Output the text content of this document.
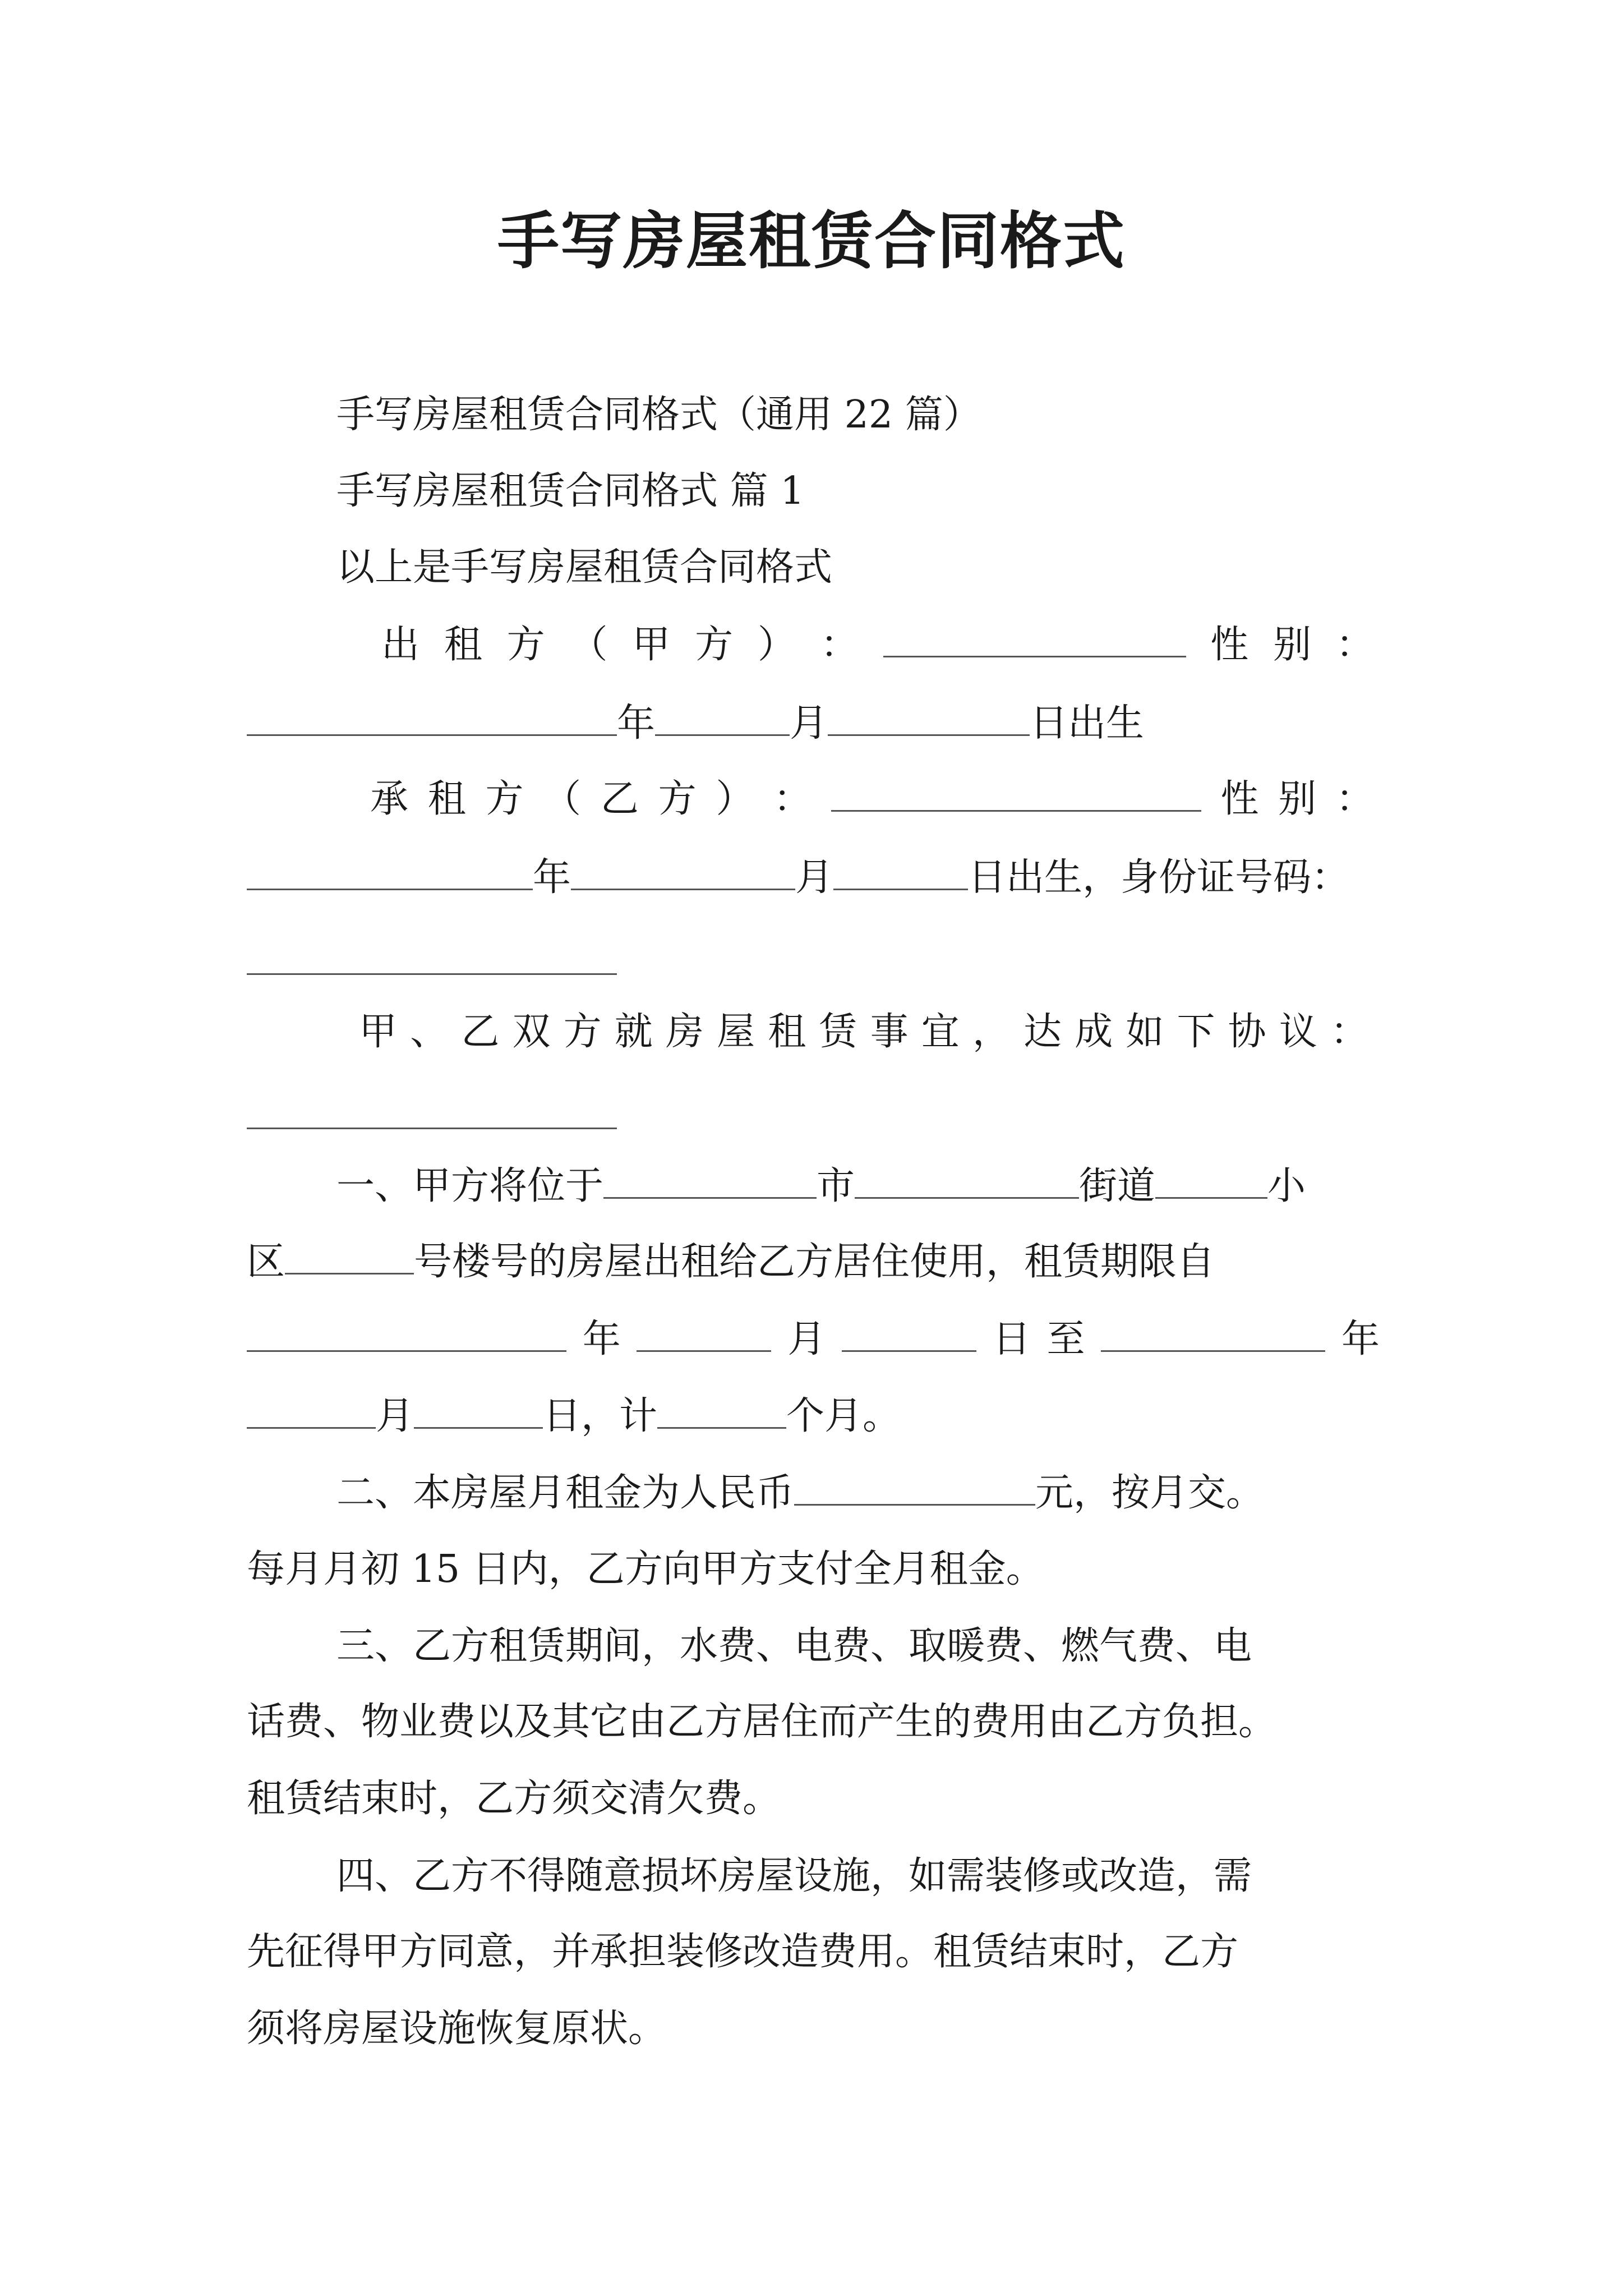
手写房屋租赁合同格式
手写房屋租赁合同格式（通用 22 篇）
手写房屋租赁合同格式 篇 1
以上是手写房屋租赁合同格式
出 租 方 （ 甲 方 ） ：	性 别 ：
年	月	日出生
承 租 方 （ 乙 方 ） ：	性 别 ：
年	月	日出生，身份证号码：
甲 、 乙 双 方 就 房 屋 租 赁 事 宜 ， 达 成 如 下 协 议 ：
一、甲方将位于	市	街道	小
区	号楼号的房屋出租给乙方居住使用，租赁期限自
年	月	日 至	年
月	日，计	个月。
二、本房屋月租金为人民币	元，按月交。
每月月初 15 日内，乙方向甲方支付全月租金。
三、乙方租赁期间，水费、电费、取暖费、燃气费、电
话费、物业费以及其它由乙方居住而产生的费用由乙方负担。
租赁结束时，乙方须交清欠费。
四、乙方不得随意损坏房屋设施，如需装修或改造，需
先征得甲方同意，并承担装修改造费用。租赁结束时，乙方
须将房屋设施恢复原状。
